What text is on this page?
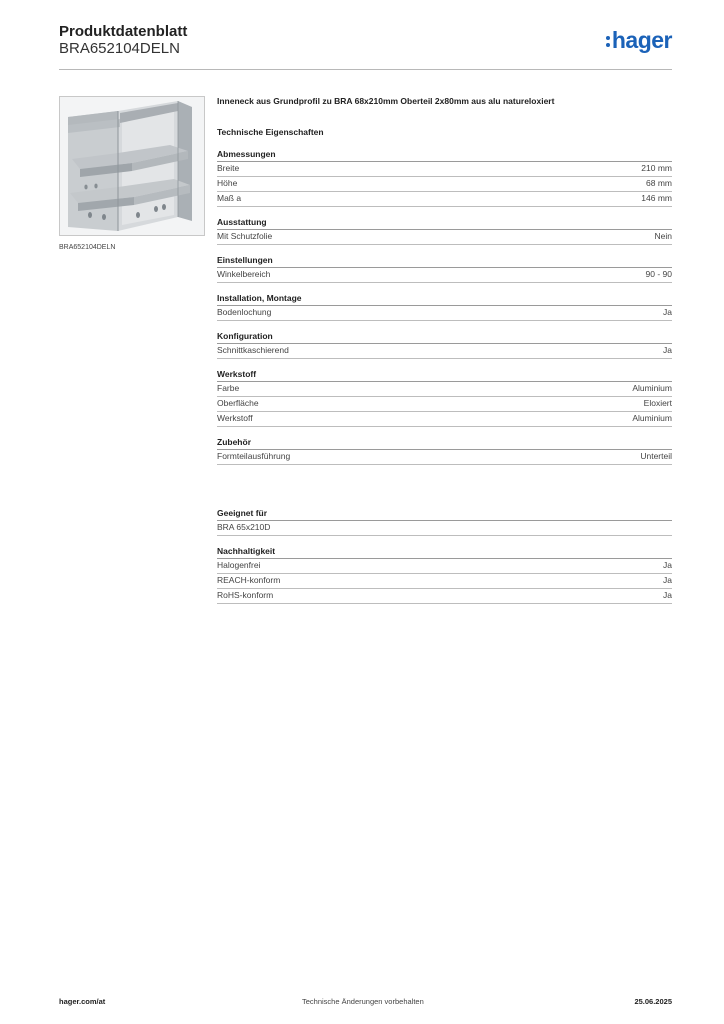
Produktdatenblatt
BRA652104DELN	hager
BRA652104DELN
Inneneck aus Grundprofil zu BRA 68x210mm Oberteil 2x80mm aus alu natureloxiert
Technische Eigenschaften
Abmessungen
Breite	210 mm
Höhe	68 mm
Maß a	146 mm
Ausstattung
Mit Schutzfolie	Nein
Einstellungen
Winkelbereich	90 - 90
Installation, Montage
Bodenlochung	Ja
Konfiguration
Schnittkaschierend	Ja
Werkstoff
Farbe	Aluminium
Oberfläche	Eloxiert
Werkstoff	Aluminium
Zubehör
Formteilausführung	Unterteil
Geeignet für
BRA 65x210D
Nachhaltigkeit
Halogenfrei	Ja
REACH-konform	Ja
RoHS-konform	Ja
hager.com/at	Technische Änderungen vorbehalten	25.06.2025
